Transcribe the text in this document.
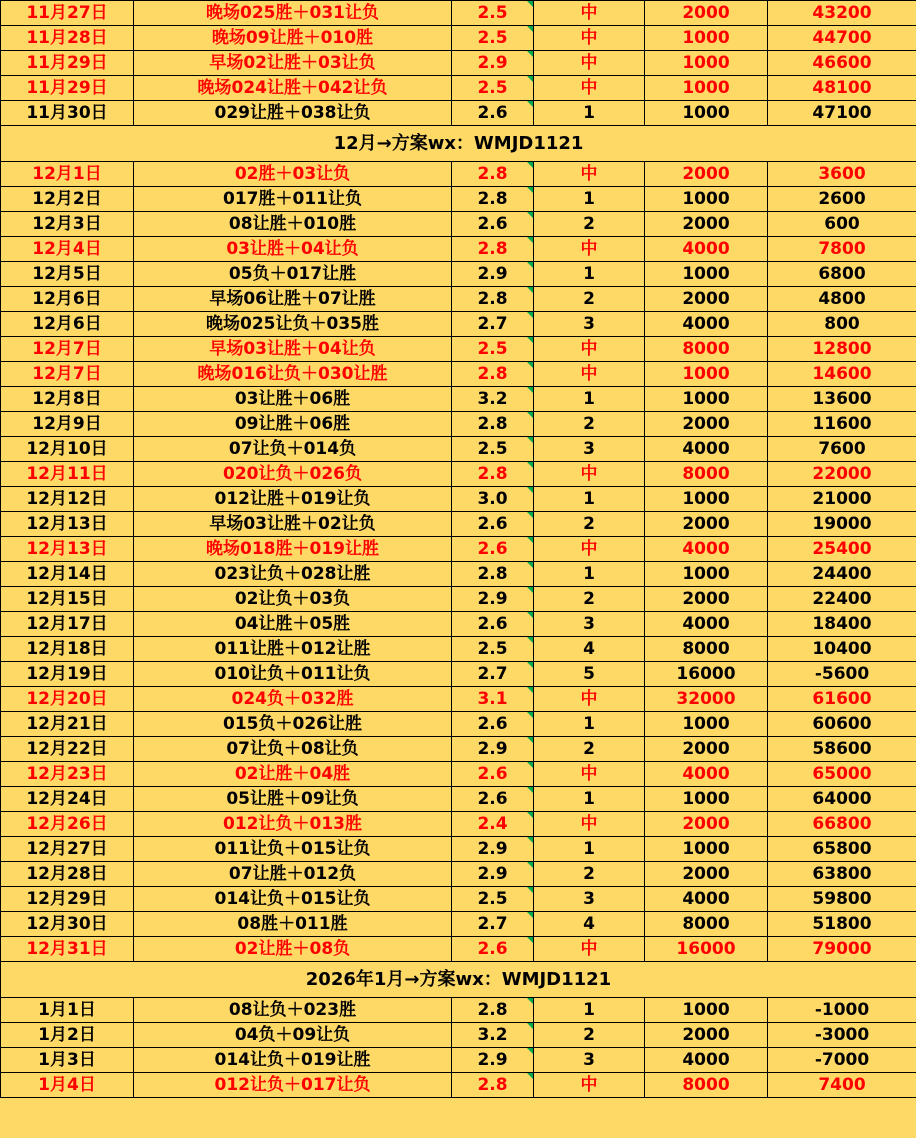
11月27日	晚场025胜＋031让负	2.5	中	2000	43200
11月28日	晚场09让胜＋010胜	2.5	中	1000	44700
11月29日	早场02让胜＋03让负	2.9	中	1000	46600
11月29日	晚场024让胜＋042让负	2.5	中	1000	48100
11月30日	029让胜＋038让负	2.6	1	1000	47100
12月→方案wx：WMJD1121					
12月1日	02胜＋03让负	2.8	中	2000	3600
12月2日	017胜＋011让负	2.8	1	1000	2600
12月3日	08让胜＋010胜	2.6	2	2000	600
12月4日	03让胜＋04让负	2.8	中	4000	7800
12月5日	05负＋017让胜	2.9	1	1000	6800
12月6日	早场06让胜＋07让胜	2.8	2	2000	4800
12月6日	晚场025让负＋035胜	2.7	3	4000	800
12月7日	早场03让胜＋04让负	2.5	中	8000	12800
12月7日	晚场016让负＋030让胜	2.8	中	1000	14600
12月8日	03让胜＋06胜	3.2	1	1000	13600
12月9日	09让胜＋06胜	2.8	2	2000	11600
12月10日	07让负＋014负	2.5	3	4000	7600
12月11日	020让负＋026负	2.8	中	8000	22000
12月12日	012让胜＋019让负	3.0	1	1000	21000
12月13日	早场03让胜＋02让负	2.6	2	2000	19000
12月13日	晚场018胜＋019让胜	2.6	中	4000	25400
12月14日	023让负＋028让胜	2.8	1	1000	24400
12月15日	02让负＋03负	2.9	2	2000	22400
12月17日	04让胜＋05胜	2.6	3	4000	18400
12月18日	011让胜＋012让胜	2.5	4	8000	10400
12月19日	010让负＋011让负	2.7	5	16000	-5600
12月20日	024负＋032胜	3.1	中	32000	61600
12月21日	015负＋026让胜	2.6	1	1000	60600
12月22日	07让负＋08让负	2.9	2	2000	58600
12月23日	02让胜＋04胜	2.6	中	4000	65000
12月24日	05让胜＋09让负	2.6	1	1000	64000
12月26日	012让负＋013胜	2.4	中	2000	66800
12月27日	011让负＋015让负	2.9	1	1000	65800
12月28日	07让胜＋012负	2.9	2	2000	63800
12月29日	014让负＋015让负	2.5	3	4000	59800
12月30日	08胜＋011胜	2.7	4	8000	51800
12月31日	02让胜＋08负	2.6	中	16000	79000
2026年1月→方案wx：WMJD1121					
1月1日	08让负＋023胜	2.8	1	1000	-1000
1月2日	04负＋09让负	3.2	2	2000	-3000
1月3日	014让负＋019让胜	2.9	3	4000	-7000
1月4日	012让负＋017让负	2.8	中	8000	7400
